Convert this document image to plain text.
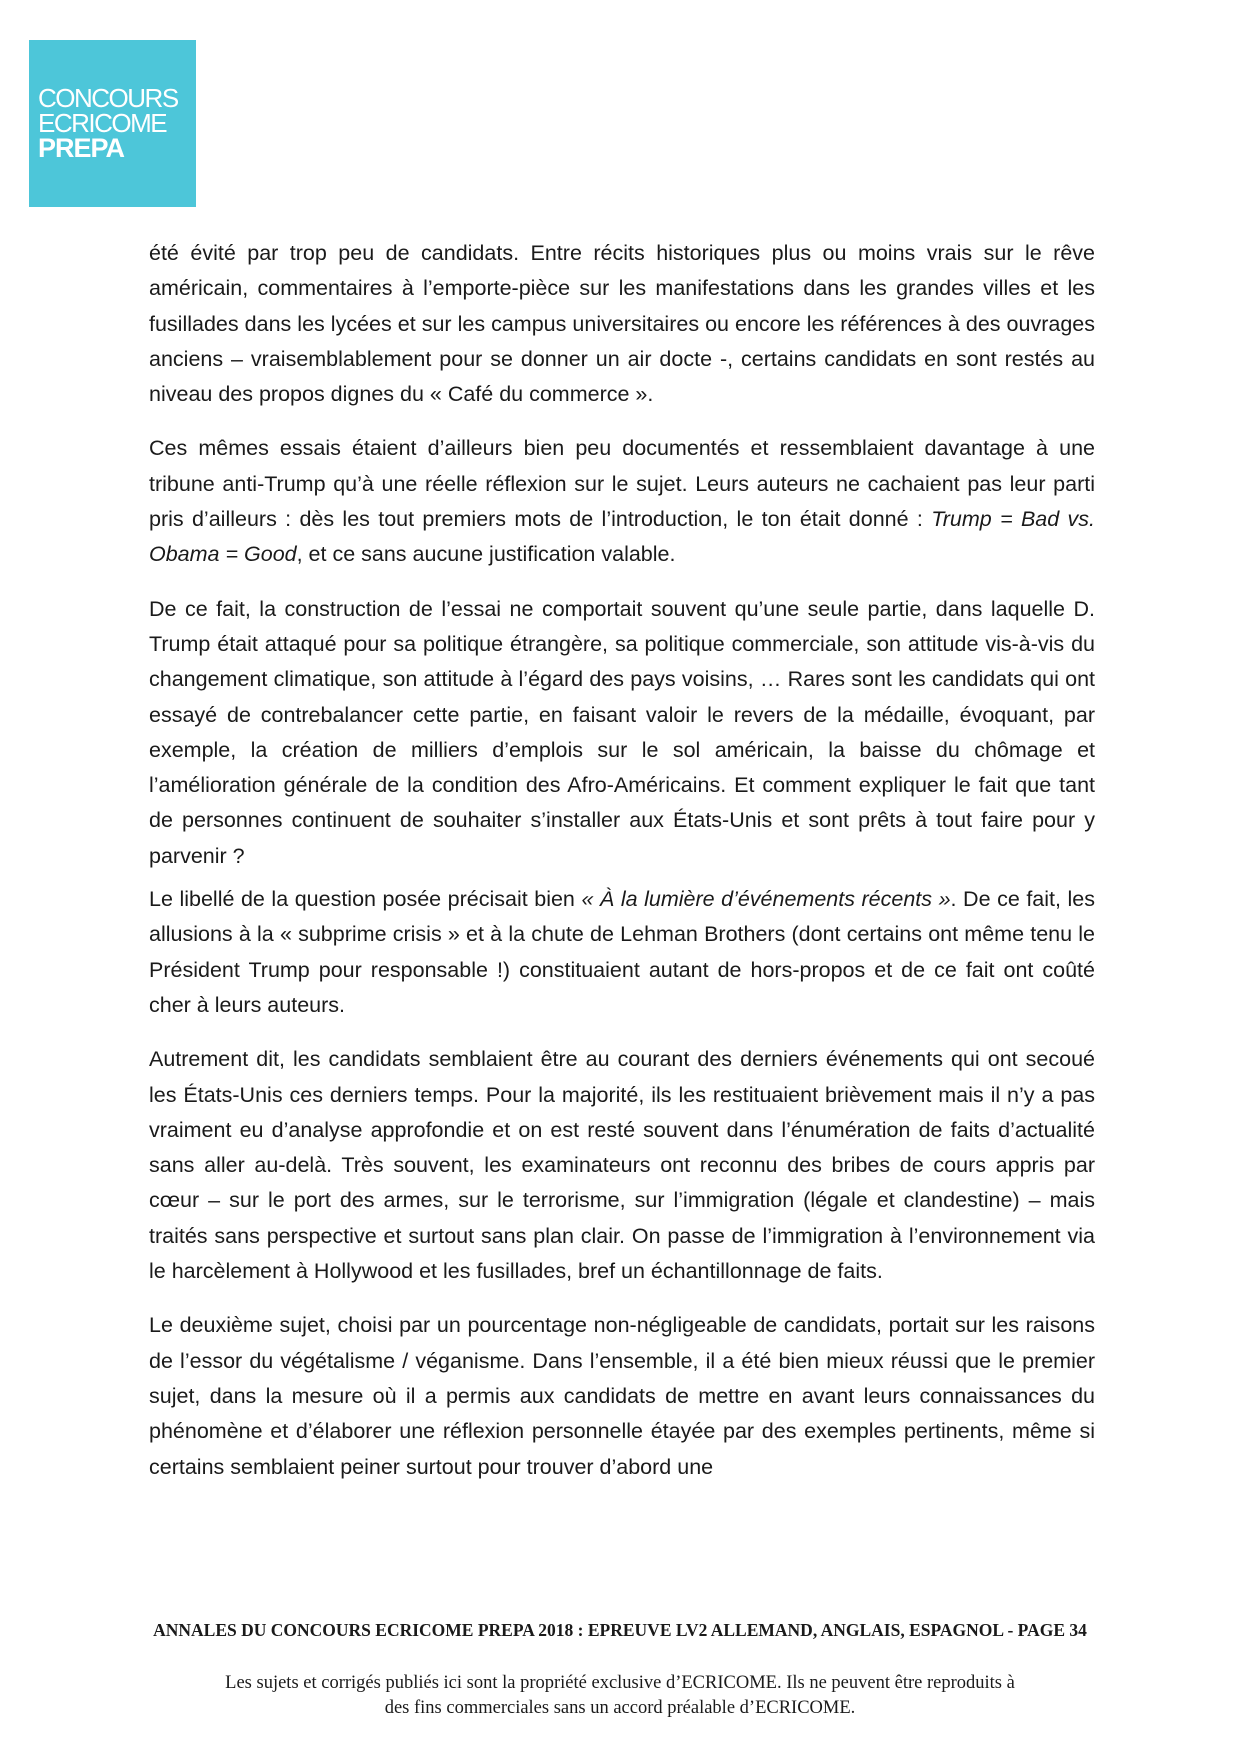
CONCOURS
ECRICOME
PREPA

été évité par trop peu de candidats. Entre récits historiques plus ou moins vrais sur le rêve américain, commentaires à l’emporte-pièce sur les manifestations dans les grandes villes et les fusillades dans les lycées et sur les campus universitaires ou encore les références à des ouvrages anciens – vraisemblablement pour se donner un air docte -, certains candidats en sont restés au niveau des propos dignes du « Café du commerce ».

Ces mêmes essais étaient d’ailleurs bien peu documentés et ressemblaient davantage à une tribune anti-Trump qu’à une réelle réflexion sur le sujet. Leurs auteurs ne cachaient pas leur parti pris d’ailleurs : dès les tout premiers mots de l’introduction, le ton était donné : Trump = Bad vs. Obama = Good, et ce sans aucune justification valable.

De ce fait, la construction de l’essai ne comportait souvent qu’une seule partie, dans laquelle D. Trump était attaqué pour sa politique étrangère, sa politique commerciale, son attitude vis-à-vis du changement climatique, son attitude à l’égard des pays voisins, … Rares sont les candidats qui ont essayé de contrebalancer cette partie, en faisant valoir le revers de la médaille, évoquant, par exemple, la création de milliers d’emplois sur le sol américain, la baisse du chômage et l’amélioration générale de la condition des Afro-Américains. Et comment expliquer le fait que tant de personnes continuent de souhaiter s’installer aux États-Unis et sont prêts à tout faire pour y parvenir ?

Le libellé de la question posée précisait bien « À la lumière d’événements récents ». De ce fait, les allusions à la « subprime crisis » et à la chute de Lehman Brothers (dont certains ont même tenu le Président Trump pour responsable !) constituaient autant de hors-propos et de ce fait ont coûté cher à leurs auteurs.

Autrement dit, les candidats semblaient être au courant des derniers événements qui ont secoué les États-Unis ces derniers temps. Pour la majorité, ils les restituaient brièvement mais il n’y a pas vraiment eu d’analyse approfondie et on est resté souvent dans l’énumération de faits d’actualité sans aller au-delà. Très souvent, les examinateurs ont reconnu des bribes de cours appris par cœur – sur le port des armes, sur le terrorisme, sur l’immigration (légale et clandestine) – mais traités sans perspective et surtout sans plan clair. On passe de l’immigration à l’environnement via le harcèlement à Hollywood et les fusillades, bref un échantillonnage de faits.

Le deuxième sujet, choisi par un pourcentage non-négligeable de candidats, portait sur les raisons de l’essor du végétalisme / véganisme. Dans l’ensemble, il a été bien mieux réussi que le premier sujet, dans la mesure où il a permis aux candidats de mettre en avant leurs connaissances du phénomène et d’élaborer une réflexion personnelle étayée par des exemples pertinents, même si certains semblaient peiner surtout pour trouver d’abord une

ANNALES DU CONCOURS ECRICOME PREPA 2018 : EPREUVE LV2 ALLEMAND, ANGLAIS, ESPAGNOL - PAGE 34
Les sujets et corrigés publiés ici sont la propriété exclusive d’ECRICOME. Ils ne peuvent être reproduits à
des fins commerciales sans un accord préalable d’ECRICOME.
